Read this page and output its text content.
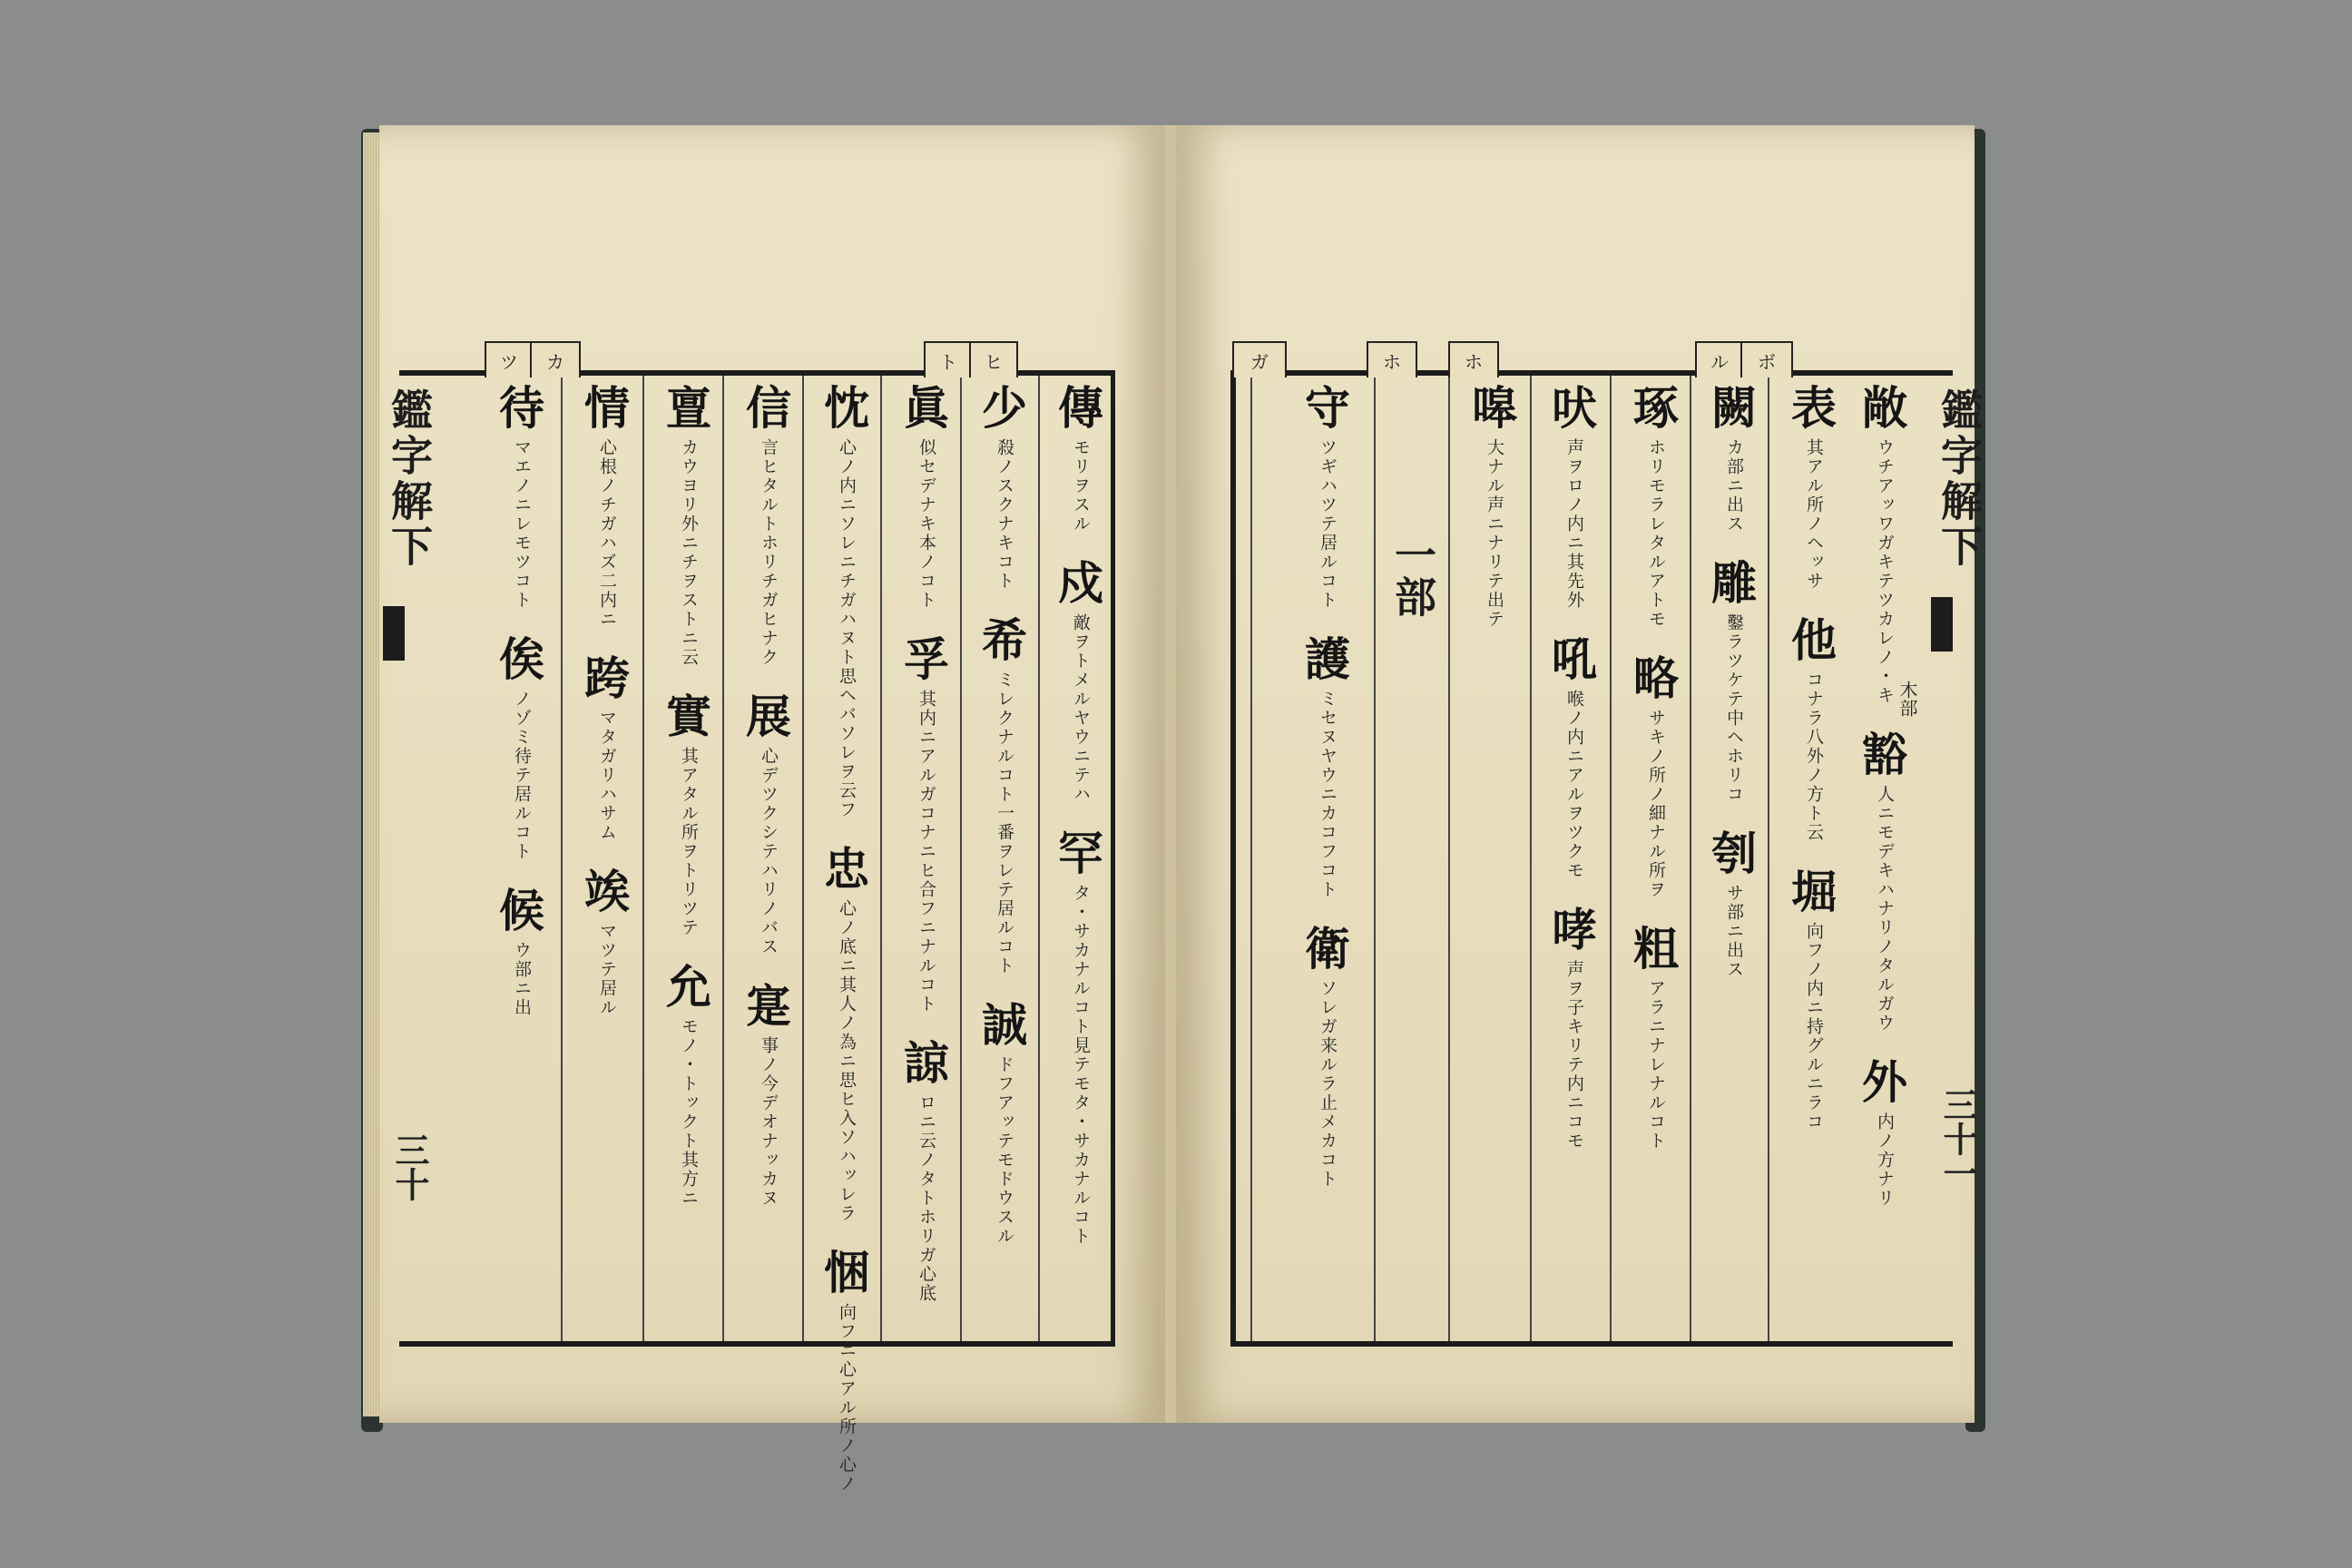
ツ	カ	ト	ヒ
鑑字解下
三十
傳
モリヲスル
戍
敵ヲトメルヤウニテハ
罕
タ・サカナルコト見テモタ・サカナルコト
少
殺ノスクナキコト
希
ミレクナルコト一番ヲレテ居ルコト
誠
ドフアッテモドウスル
眞
似セデナキ本ノコト
孚
其内ニアルガコナニヒ合フニナルコト
諒
ロニ云ノタトホリガ心底
忱
心ノ内ニソレニチガハヌト思ヘバソレヲ云フ
忠
心ノ底ニ其人ノ為ニ思ヒ入ソハッレラ
悃
向フニ心アル所ノ心ノ
信
言ヒタルトホリチガヒナク
展
心デツクシテハリノバス
寔
事ノ今デオナッカヌ
亶
カウヨリ外ニチヲストニ云
實
其アタル所ヲトリツテ
允
モノ・トックト其方ニ
情
心根ノチガハズ二内ニ
跨
マタガリハサム
竢
マツテ居ル
待
マエノニレモツコト
俟
ノゾミ待テ居ルコト
候
ウ部ニ出
ガ	ホ	ホ	ル	ボ
鑑字解下
木部
三十一
一部
敞
ウチアッワガキテツカレノ・キ
豁
人ニモデキハナリノタルガウ
外
内ノ方ナリ
表
其アル所ノヘッサ
他
コナラ八外ノ方ト云
堀
向フノ内ニ持グルニラコ
闕
カ部ニ出ス
雕
鑿ラツケテ中ヘホリコ
刳
サ部ニ出ス
琢
ホリモラレタルアトモ
略
サキノ所ノ細ナル所ヲ
粗
アラニナレナルコト
吠
声ヲロノ内ニ其先外
吼
喉ノ内ニアルヲツクモ
哮
声ヲ子キリテ内ニコモ
嗥
大ナル声ニナリテ出テ
守
ツギハツテ居ルコト
護
ミセヌヤウニカコフコト
衛
ソレガ来ルラ止メカコト
